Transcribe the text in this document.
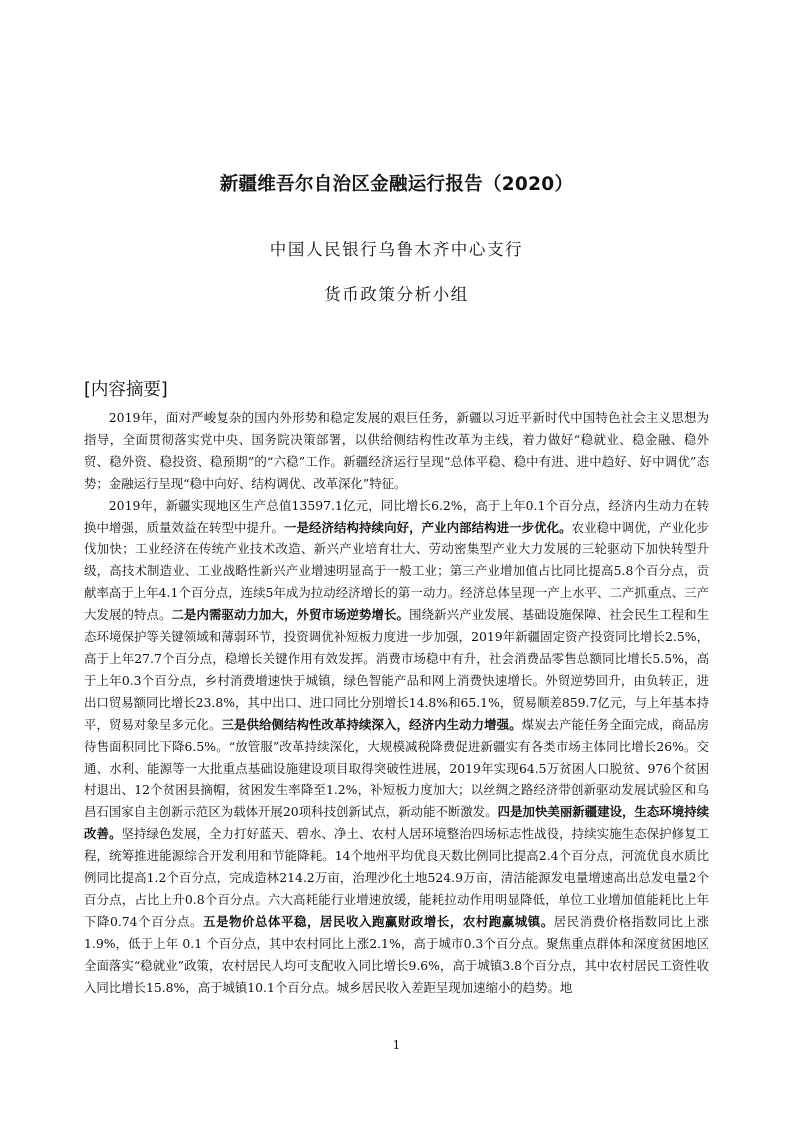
新疆维吾尔自治区金融运行报告（2020）
中国人民银行乌鲁木齐中心支行
货币政策分析小组
[内容摘要]

2019年，面对严峻复杂的国内外形势和稳定发展的艰巨任务，新疆以习近平新时代中国特色社会主义思想为指导，全面贯彻落实党中央、国务院决策部署，以供给侧结构性改革为主线，着力做好“稳就业、稳金融、稳外贸、稳外资、稳投资、稳预期”的“六稳”工作。新疆经济运行呈现“总体平稳、稳中有进、进中趋好、好中调优”态势；金融运行呈现“稳中向好、结构调优、改革深化”特征。

2019年，新疆实现地区生产总值13597.1亿元，同比增长6.2%，高于上年0.1个百分点，经济内生动力在转换中增强，质量效益在转型中提升。一是经济结构持续向好，产业内部结构进一步优化。农业稳中调优，产业化步伐加快；工业经济在传统产业技术改造、新兴产业培育壮大、劳动密集型产业大力发展的三轮驱动下加快转型升级，高技术制造业、工业战略性新兴产业增速明显高于一般工业；第三产业增加值占比同比提高5.8个百分点，贡献率高于上年4.1个百分点，连续5年成为拉动经济增长的第一动力。经济总体呈现一产上水平、二产抓重点、三产大发展的特点。二是内需驱动力加大，外贸市场逆势增长。围绕新兴产业发展、基础设施保障、社会民生工程和生态环境保护等关键领域和薄弱环节，投资调优补短板力度进一步加强，2019年新疆固定资产投资同比增长2.5%，高于上年27.7个百分点，稳增长关键作用有效发挥。消费市场稳中有升，社会消费品零售总额同比增长5.5%，高于上年0.3个百分点，乡村消费增速快于城镇，绿色智能产品和网上消费快速增长。外贸逆势回升，由负转正，进出口贸易额同比增长23.8%，其中出口、进口同比分别增长14.8%和65.1%，贸易顺差859.7亿元，与上年基本持平，贸易对象呈多元化。三是供给侧结构性改革持续深入，经济内生动力增强。煤炭去产能任务全面完成，商品房待售面积同比下降6.5%。“放管服”改革持续深化，大规模减税降费促进新疆实有各类市场主体同比增长26%。交通、水利、能源等一大批重点基础设施建设项目取得突破性进展，2019年实现64.5万贫困人口脱贫、976个贫困村退出、12个贫困县摘帽，贫困发生率降至1.2%，补短板力度加大；以丝绸之路经济带创新驱动发展试验区和乌昌石国家自主创新示范区为载体开展20项科技创新试点，新动能不断激发。四是加快美丽新疆建设，生态环境持续改善。坚持绿色发展，全力打好蓝天、碧水、净土、农村人居环境整治四场标志性战役，持续实施生态保护修复工程，统筹推进能源综合开发利用和节能降耗。14个地州平均优良天数比例同比提高2.4个百分点，河流优良水质比例同比提高1.2个百分点，完成造林214.2万亩，治理沙化土地524.9万亩，清洁能源发电量增速高出总发电量2个百分点，占比上升0.8个百分点。六大高耗能行业增速放缓，能耗拉动作用明显降低，单位工业增加值能耗比上年下降0.74个百分点。五是物价总体平稳，居民收入跑赢财政增长，农村跑赢城镇。居民消费价格指数同比上涨1.9%，低于上年 0.1 个百分点，其中农村同比上涨2.1%，高于城市0.3个百分点。聚焦重点群体和深度贫困地区全面落实“稳就业”政策，农村居民人均可支配收入同比增长9.6%，高于城镇3.8个百分点，其中农村居民工资性收入同比增长15.8%，高于城镇10.1个百分点。城乡居民收入差距呈现加速缩小的趋势。地

1
